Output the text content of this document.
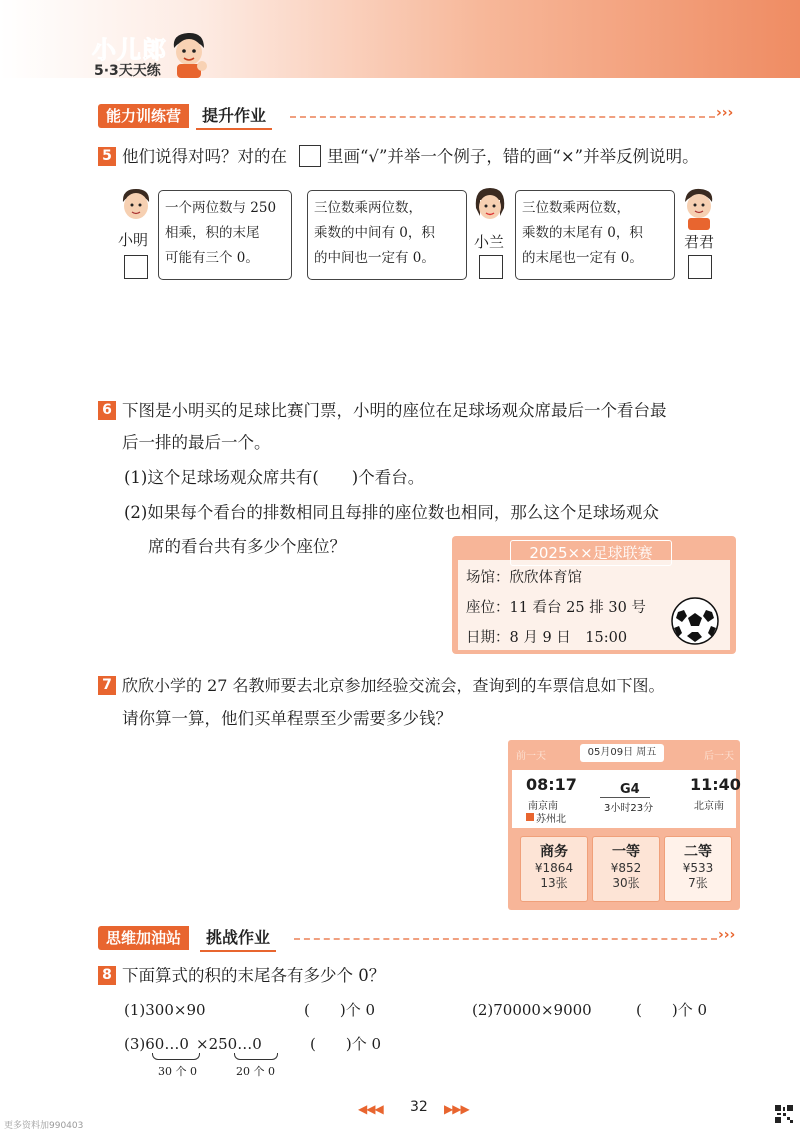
小儿郎
5·3天天练
能力训练营	提升作业	›››
5 他们说得对吗？对的在 里画“√”并举一个例子，错的画“×”并举反例说明。
小明
一个两位数与 250
相乘，积的末尾
可能有三个 0。
三位数乘两位数，
乘数的中间有 0，积
的中间也一定有 0。
小兰
三位数乘两位数，
乘数的末尾有 0，积
的末尾也一定有 0。
君君
6 下图是小明买的足球比赛门票，小明的座位在足球场观众席最后一个看台最
后一排的最后一个。
(1)这个足球场观众席共有(　　)个看台。
(2)如果每个看台的排数相同且每排的座位数也相同，那么这个足球场观众
席的看台共有多少个座位？	2025××足球联赛
场馆：欣欣体育馆
座位：11 看台 25 排 30 号
日期：8 月 9 日　15:00
7 欣欣小学的 27 名教师要去北京参加经验交流会，查询到的车票信息如下图。
请你算一算，他们买单程票至少需要多少钱？
前一天	05月09日 周五	后一天
08:17
南京南
苏州北
G4
3小时23分
11:40
北京南
商务
¥1864
13张
一等
¥852
30张
二等
¥533
7张
思维加油站	挑战作业	›››
8 下面算式的积的末尾各有多少个 0？
(1)300×90	(　　)个 0	(2)70000×9000	(　　)个 0
(3)60…0 ×250…0	(　　)个 0
30 个 0	20 个 0
◀◀◀ 32 ▶▶▶
更多资料加990403
